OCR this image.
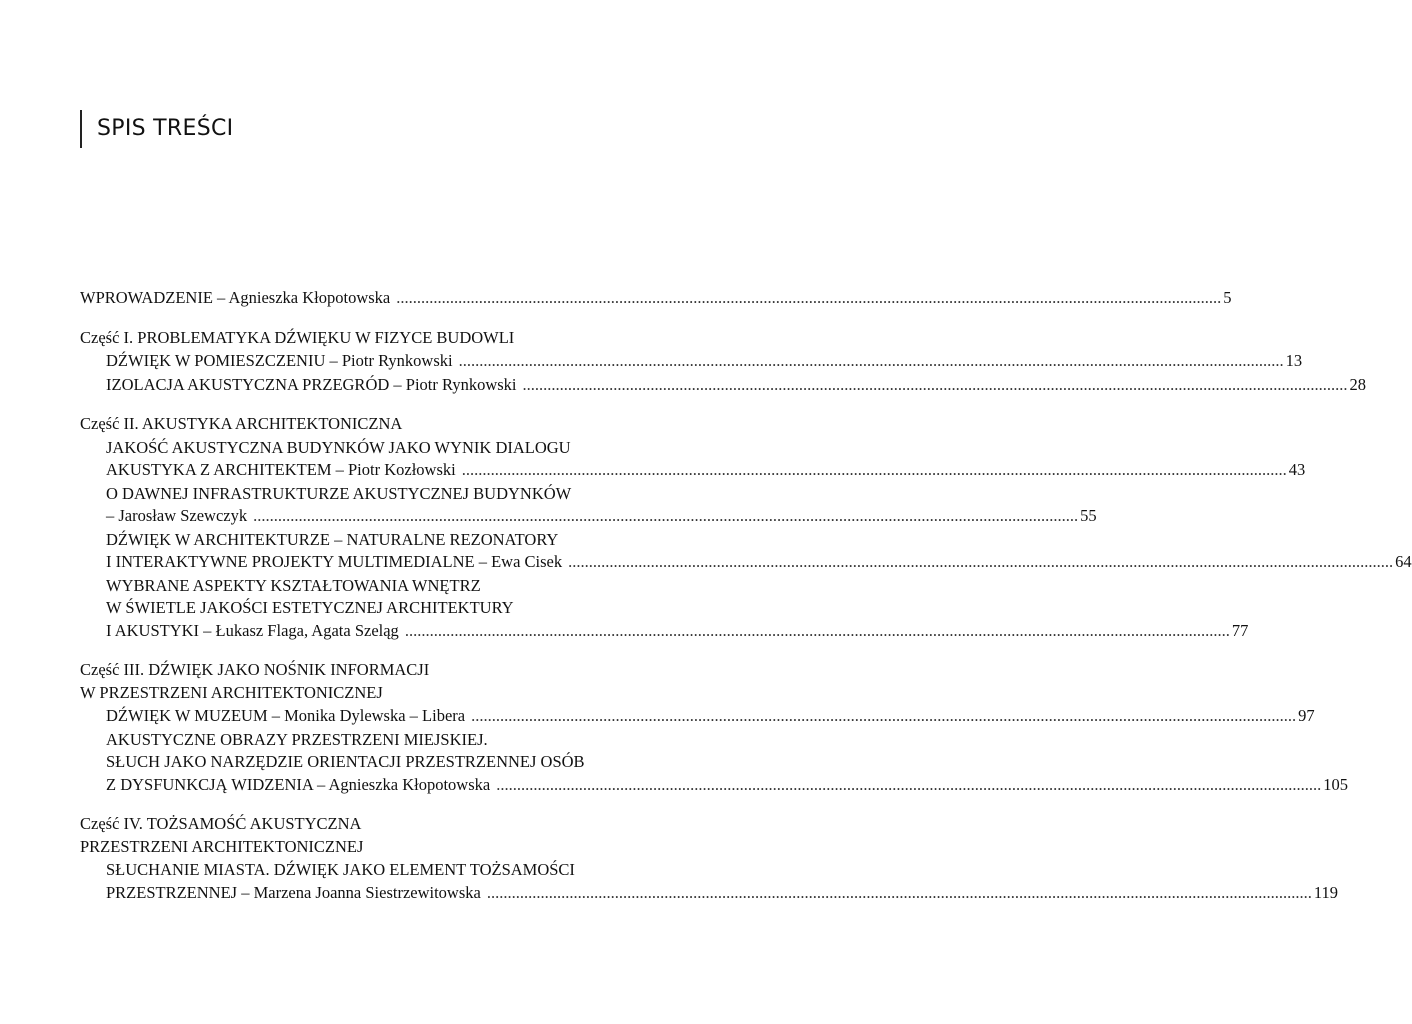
SPIS TREŚCI
WPROWADZENIE – Agnieszka Kłopotowska ........................................................................................................................................................................................................ 5
Część I. PROBLEMATYKA DŹWIĘKU W FIZYCE BUDOWLI
DŹWIĘK W POMIESZCZENIU – Piotr Rynkowski ........................................................................................................................................................................................................ 13
IZOLACJA AKUSTYCZNA PRZEGRÓD – Piotr Rynkowski ........................................................................................................................................................................................................ 28
Część II. AKUSTYKA ARCHITEKTONICZNA
JAKOŚĆ AKUSTYCZNA BUDYNKÓW JAKO WYNIK DIALOGU
AKUSTYKA Z ARCHITEKTEM – Piotr Kozłowski ........................................................................................................................................................................................................ 43
O DAWNEJ INFRASTRUKTURZE AKUSTYCZNEJ BUDYNKÓW
– Jarosław Szewczyk ........................................................................................................................................................................................................ 55
DŹWIĘK W ARCHITEKTURZE – NATURALNE REZONATORY
I INTERAKTYWNE PROJEKTY MULTIMEDIALNE – Ewa Cisek ........................................................................................................................................................................................................ 64
WYBRANE ASPEKTY KSZTAŁTOWANIA WNĘTRZ
W ŚWIETLE JAKOŚCI ESTETYCZNEJ ARCHITEKTURY
I AKUSTYKI – Łukasz Flaga, Agata Szeląg ........................................................................................................................................................................................................ 77
Część III. DŹWIĘK JAKO NOŚNIK INFORMACJI
W PRZESTRZENI ARCHITEKTONICZNEJ
DŹWIĘK W MUZEUM – Monika Dylewska – Libera ........................................................................................................................................................................................................ 97
AKUSTYCZNE OBRAZY PRZESTRZENI MIEJSKIEJ.
SŁUCH JAKO NARZĘDZIE ORIENTACJI PRZESTRZENNEJ OSÓB
Z DYSFUNKCJĄ WIDZENIA – Agnieszka Kłopotowska ........................................................................................................................................................................................................ 105
Część IV. TOŻSAMOŚĆ AKUSTYCZNA
PRZESTRZENI ARCHITEKTONICZNEJ
SŁUCHANIE MIASTA. DŹWIĘK JAKO ELEMENT TOŻSAMOŚCI
PRZESTRZENNEJ – Marzena Joanna Siestrzewitowska ........................................................................................................................................................................................................ 119
